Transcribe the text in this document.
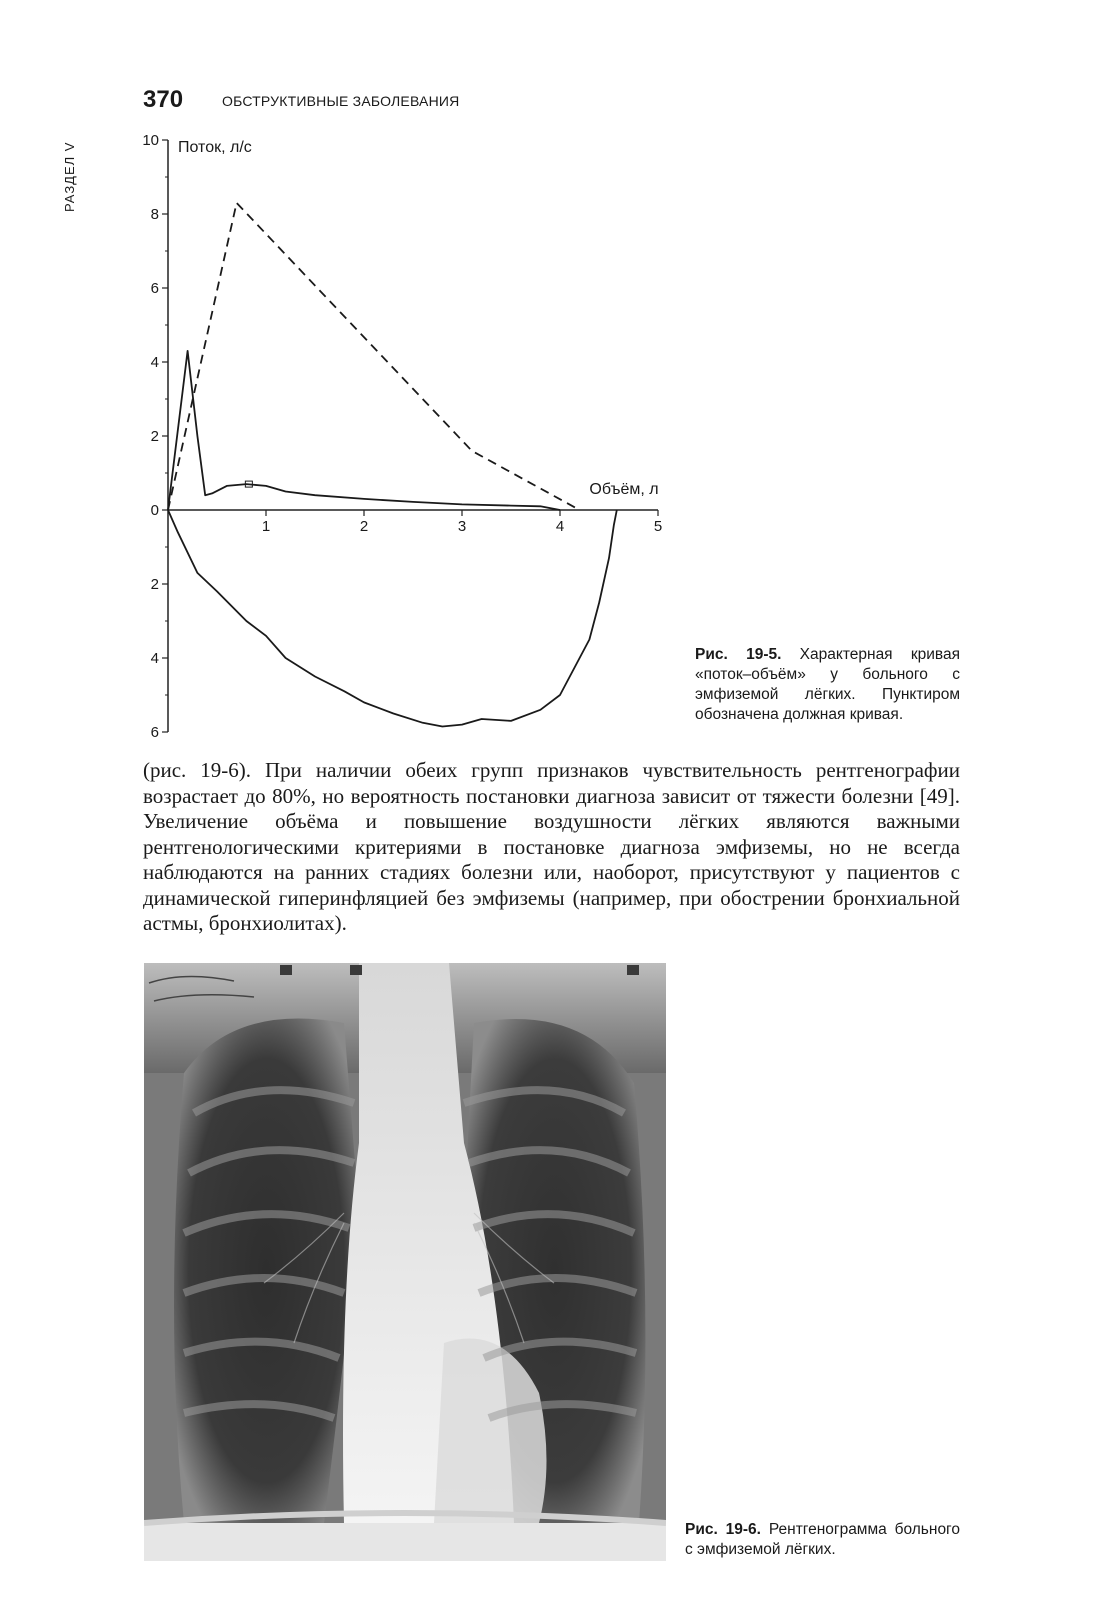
РАЗДЕЛ V
370	ОБСТРУКТИВНЫЕ ЗАБОЛЕВАНИЯ
0
2
4
6
8
10
2
4
6
1	2	3	4	5
Поток, л/с
Объём, л
Рис. 19-5. Характерная кривая «поток–объём» у больного с эмфиземой лёгких. Пунктиром обозначена должная кривая.

(рис. 19-6). При наличии обеих групп признаков чувствительность рентгенографии возрастает до 80%, но вероятность постановки диагноза зависит от тяжести болезни [49]. Увеличение объёма и повышение воздушности лёгких являются важными рентгенологическими критериями в постановке диагноза эмфиземы, но не всегда наблюдаются на ранних стадиях болезни или, наоборот, присутствуют у пациентов с динамической гиперинфляцией без эмфиземы (например, при обострении бронхиальной астмы, бронхиолитах).

Рис. 19-6. Рентгенограмма больного с эмфиземой лёгких.
